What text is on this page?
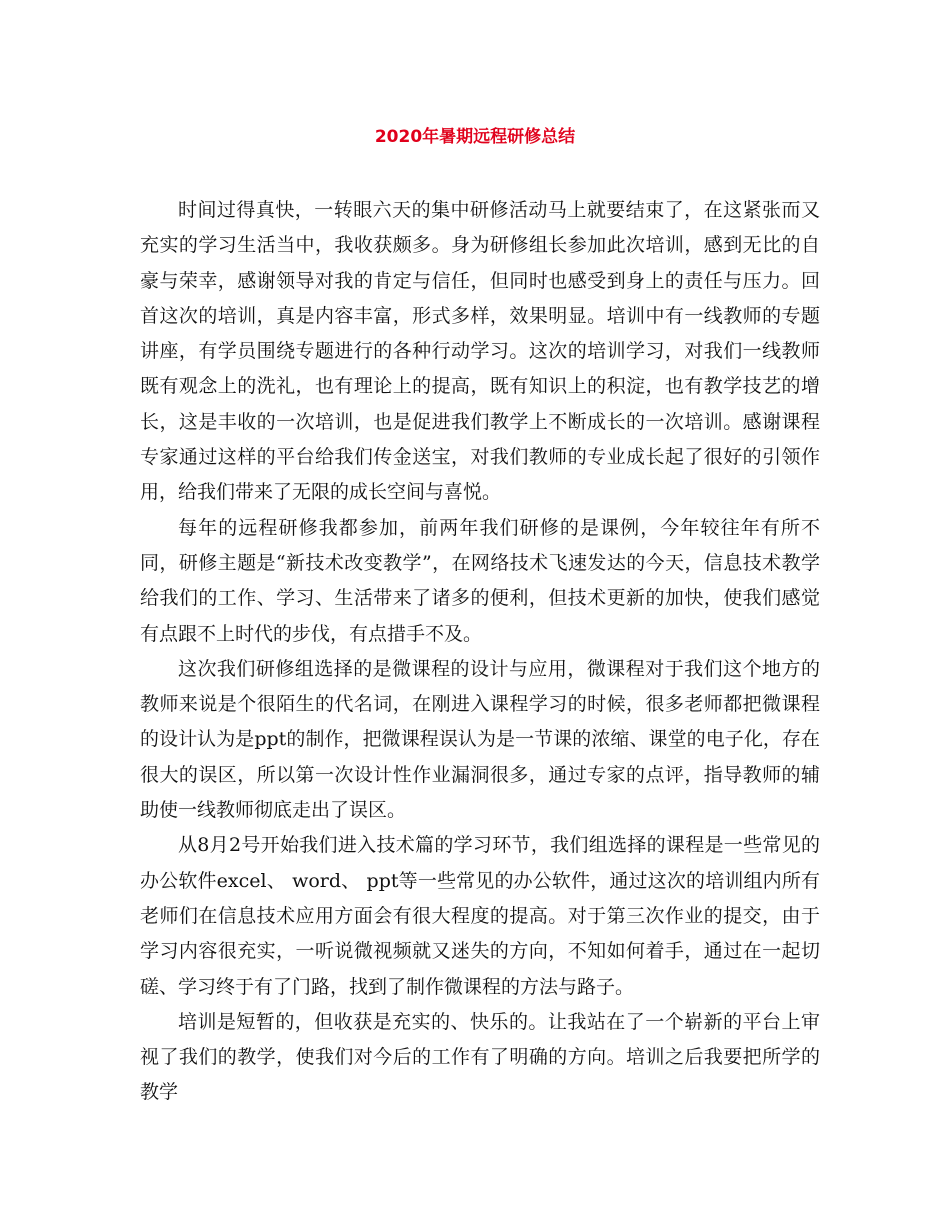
2020年暑期远程研修总结

时间过得真快，一转眼六天的集中研修活动马上就要结束了，在这紧张而又充实的学习生活当中，我收获颇多。身为研修组长参加此次培训，感到无比的自豪与荣幸，感谢领导对我的肯定与信任，但同时也感受到身上的责任与压力。回首这次的培训，真是内容丰富，形式多样，效果明显。培训中有一线教师的专题讲座，有学员围绕专题进行的各种行动学习。这次的培训学习，对我们一线教师既有观念上的洗礼，也有理论上的提高，既有知识上的积淀，也有教学技艺的增长，这是丰收的一次培训，也是促进我们教学上不断成长的一次培训。感谢课程专家通过这样的平台给我们传金送宝，对我们教师的专业成长起了很好的引领作用，给我们带来了无限的成长空间与喜悦。

每年的远程研修我都参加，前两年我们研修的是课例，今年较往年有所不同，研修主题是“新技术改变教学”，在网络技术飞速发达的今天，信息技术教学给我们的工作、学习、生活带来了诸多的便利，但技术更新的加快，使我们感觉有点跟不上时代的步伐，有点措手不及。

这次我们研修组选择的是微课程的设计与应用，微课程对于我们这个地方的教师来说是个很陌生的代名词，在刚进入课程学习的时候，很多老师都把微课程的设计认为是ppt的制作，把微课程误认为是一节课的浓缩、课堂的电子化，存在很大的误区，所以第一次设计性作业漏洞很多，通过专家的点评，指导教师的辅助使一线教师彻底走出了误区。

从8月2号开始我们进入技术篇的学习环节，我们组选择的课程是一些常见的办公软件excel、 word、 ppt等一些常见的办公软件，通过这次的培训组内所有老师们在信息技术应用方面会有很大程度的提高。对于第三次作业的提交，由于学习内容很充实，一听说微视频就又迷失的方向，不知如何着手，通过在一起切磋、学习终于有了门路，找到了制作微课程的方法与路子。

培训是短暂的，但收获是充实的、快乐的。让我站在了一个崭新的平台上审视了我们的教学，使我们对今后的工作有了明确的方向。培训之后我要把所学的教学
